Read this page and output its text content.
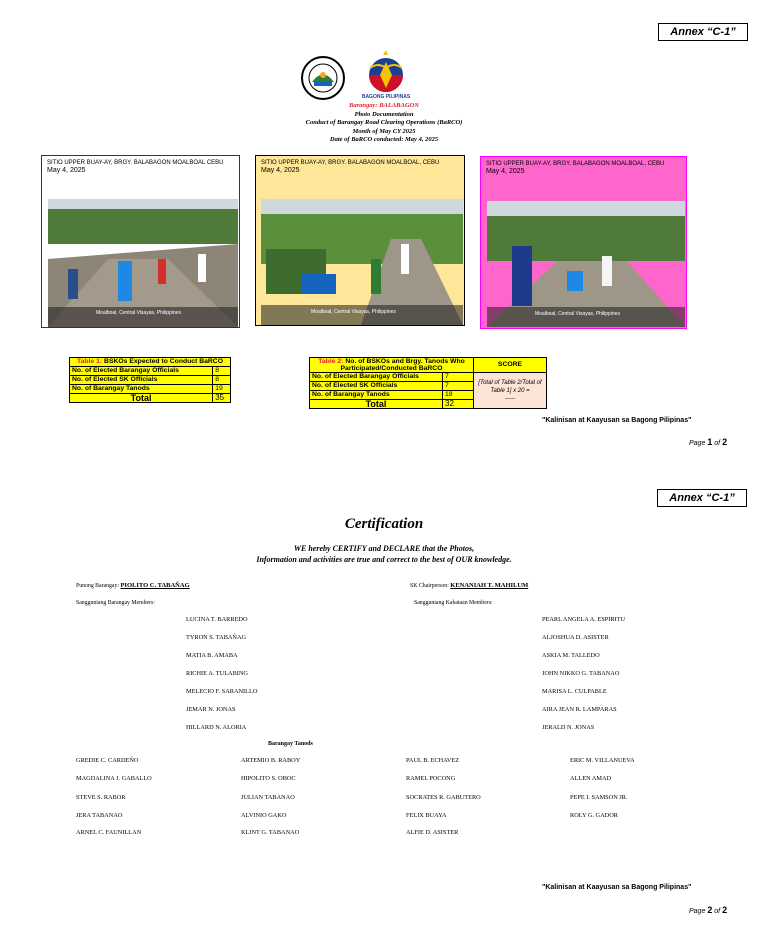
Annex “C-1”
BAGONG PILIPINAS
Barangay: BALABAGON
Photo Documentation
Conduct of Barangay Road Clearing Operations (BaRCO)
Month of May CY 2025
Date of BaRCO conducted: May 4, 2025
SITIO UPPER BUAY-AY, BRGY. BALABAGON MOALBOAL CEBU
May 4, 2025
Moalboal, Central Visayas, Philippines
SITIO UPPER BUAY-AY, BRGY. BALABAGON MOALBOAL, CEBU
May 4, 2025
Moalboal, Central Visayas, Philippines
SITIO UPPER BUAY-AY, BRGY. BALABAGON MOALBOAL, CEBU
May 4, 2025
Moalboal, Central Visayas, Philippines
Table 1: BSKOs Expected to Conduct BaRCO	
No. of Elected Barangay Officials	8
No. of Elected SK Officials	8
No. of Barangay Tanods	19
Total	35
Table 2: No. of BSKOs and Brgy. Tanods Who Participated/Conducted BaRCO		SCORE
No. of Elected Barangay Officials	7	[Total of Table 2/Total of Table 1] x 20 =
-----

No. of Elected SK Officials	7	
No. of Barangay Tanods	18	
Total	32	
"Kalinisan at Kaayusan sa Bagong Pilipinas"
Page 1 of 2
Annex “C-1”
Certification
WE hereby CERTIFY and DECLARE that the Photos,
Information and activities are true and correct to the best of OUR knowledge.
Punong Barangay: PIOLITO C. TABAÑAG	SK Chairperson: KENANIAH T. MAHILUM
Sangguniang Barangay Members:	Sangguniang Kabataan Members:
LUCINA T. BARREDO
TYRON S. TABAÑAG
MATIA B. AMABA
RICHIE A. TULABING
MELECIO F. SARANILLO
JEMAR N. JONAS
HILLARD N. ALORIA
PEARL ANGELA A. ESPIRITU
ALJOSHUA D. ASISTER
ASKIA M. TALLEDO
JOHN NIKKO G. TABANAO
MARISA L. CULPABLE
AIRA JEAN R. LAMPARAS
JERALD N. JONAS
Barangay Tanods
GREDIE C. CARDEÑO	ARTEMIO B. RABOY	PAUL B. ECHAVEZ	ERIC M. VILLANUEVA
MAGDALINA J. GABALLO	HIPOLITO S. OBOC	RAMEL POCONG	ALLEN AMAD
STEVE S. RABOR	JULIAN TABANAO	SOCRATES R. GABUTERO	PEPE I. SAMSON JR.
JERA TABANAO	ALVINIO GAKO	FELIX BUAYA	ROLY G. GADOR
ARNEL C. FAUNILLAN	KLINT G. TABANAO	ALFIE D. ASISTER
"Kalinisan at Kaayusan sa Bagong Pilipinas"
Page 2 of 2
